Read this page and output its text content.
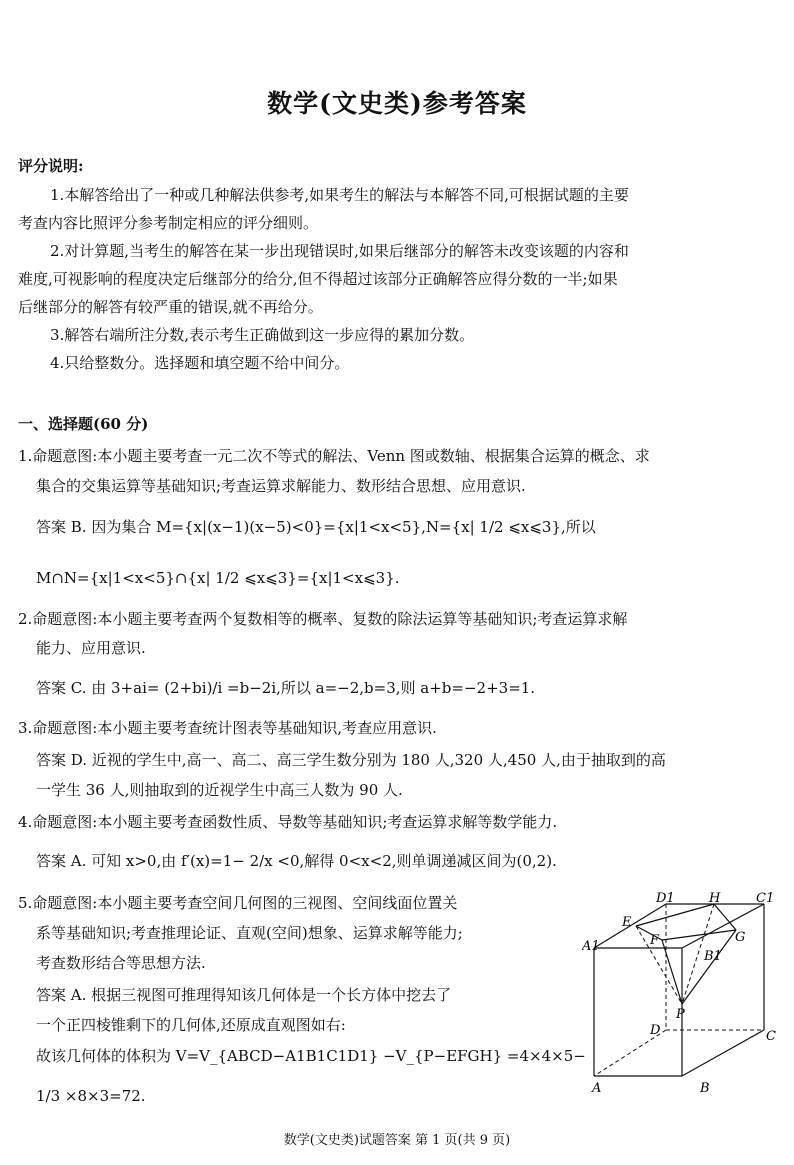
数学(文史类)参考答案
评分说明:
1.本解答给出了一种或几种解法供参考,如果考生的解法与本解答不同,可根据试题的主要
考查内容比照评分参考制定相应的评分细则。
2.对计算题,当考生的解答在某一步出现错误时,如果后继部分的解答未改变该题的内容和
难度,可视影响的程度决定后继部分的给分,但不得超过该部分正确解答应得分数的一半;如果
后继部分的解答有较严重的错误,就不再给分。
3.解答右端所注分数,表示考生正确做到这一步应得的累加分数。
4.只给整数分。选择题和填空题不给中间分。
一、选择题(60 分)
1.命题意图:本小题主要考查一元二次不等式的解法、Venn 图或数轴、根据集合运算的概念、求
集合的交集运算等基础知识;考查运算求解能力、数形结合思想、应用意识.
答案 B. 因为集合 M={x|(x−1)(x−5)<0}={x|1<x<5},N={x| 1/2 ⩽x⩽3},所以
M∩N={x|1<x<5}∩{x| 1/2 ⩽x⩽3}={x|1<x⩽3}.
2.命题意图:本小题主要考查两个复数相等的概率、复数的除法运算等基础知识;考查运算求解
能力、应用意识.
答案 C. 由 3+ai= (2+bi)/i =b−2i,所以 a=−2,b=3,则 a+b=−2+3=1.
3.命题意图:本小题主要考查统计图表等基础知识,考查应用意识.
答案 D. 近视的学生中,高一、高二、高三学生数分别为 180 人,320 人,450 人,由于抽取到的高
一学生 36 人,则抽取到的近视学生中高三人数为 90 人.
4.命题意图:本小题主要考查函数性质、导数等基础知识;考查运算求解等数学能力.
答案 A. 可知 x>0,由 f′(x)=1− 2/x <0,解得 0<x<2,则单调递减区间为(0,2).
5.命题意图:本小题主要考查空间几何图的三视图、空间线面位置关
系等基础知识;考查推理论证、直观(空间)想象、运算求解等能力;
考查数形结合等思想方法.
答案 A. 根据三视图可推理得知该几何体是一个长方体中挖去了
一个正四棱锥剩下的几何体,还原成直观图如右:
故该几何体的体积为 V=V_{ABCD−A1B1C1D1} −V_{P−EFGH} =4×4×5−
1/3 ×8×3=72.
D1	H	C1
E
F	G
A1
B1
P
D	C
A	B
数学(文史类)试题答案 第 1 页(共 9 页)
